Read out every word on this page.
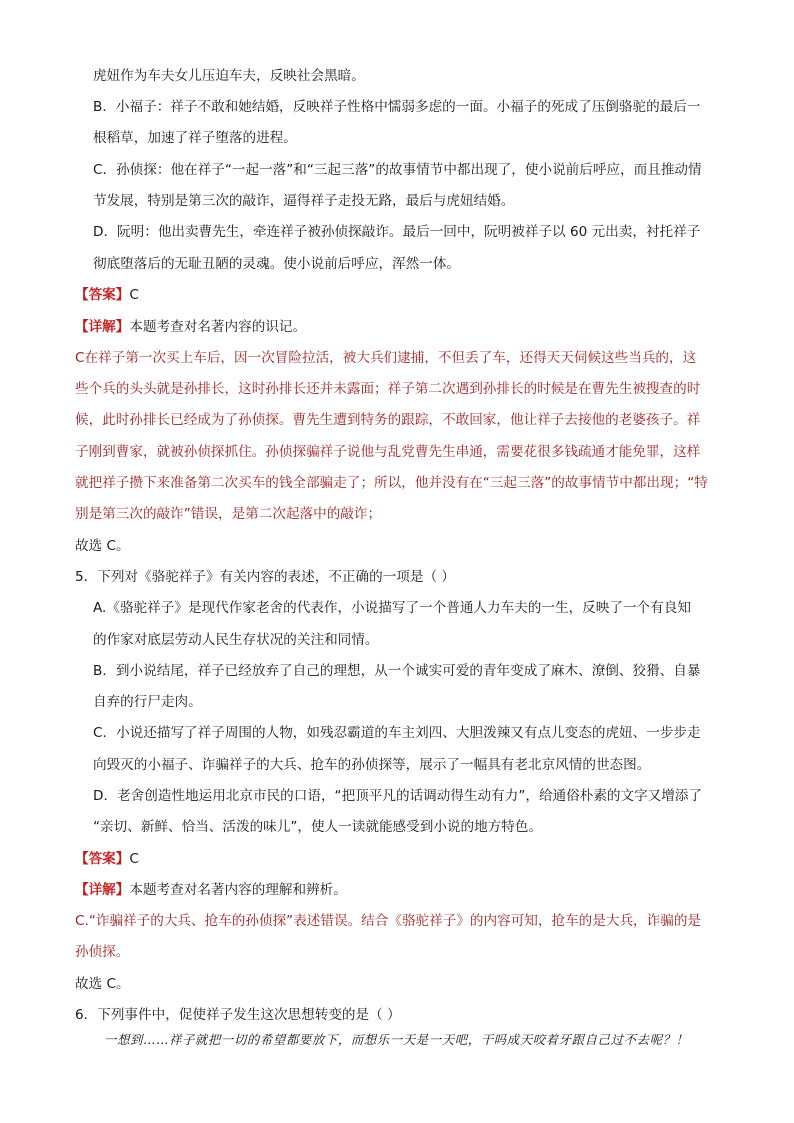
虎妞作为车夫女儿压迫车夫，反映社会黑暗。
B．小福子：祥子不敢和她结婚，反映祥子性格中懦弱多虑的一面。小福子的死成了压倒骆驼的最后一
根稻草，加速了祥子堕落的进程。
C．孙侦探：他在祥子“一起一落”和“三起三落”的故事情节中都出现了，使小说前后呼应，而且推动情
节发展，特别是第三次的敲诈，逼得祥子走投无路，最后与虎妞结婚。
D．阮明：他出卖曹先生，牵连祥子被孙侦探敲诈。最后一回中，阮明被祥子以 60 元出卖，衬托祥子
彻底堕落后的无耻丑陋的灵魂。使小说前后呼应，浑然一体。
【答案】C
【详解】本题考查对名著内容的识记。
C在祥子第一次买上车后，因一次冒险拉活，被大兵们逮捕，不但丢了车，还得天天伺候这些当兵的，这
些个兵的头头就是孙排长，这时孙排长还并未露面；祥子第二次遇到孙排长的时候是在曹先生被搜查的时
候，此时孙排长已经成为了孙侦探。曹先生遭到特务的跟踪，不敢回家，他让祥子去接他的老婆孩子。祥
子刚到曹家，就被孙侦探抓住。孙侦探骗祥子说他与乱党曹先生串通，需要花很多钱疏通才能免罪，这样
就把祥子攒下来准备第二次买车的钱全部骗走了；所以，他并没有在“三起三落”的故事情节中都出现；“特
别是第三次的敲诈”错误，是第二次起落中的敲诈；
故选 C。
5．下列对《骆驼祥子》有关内容的表述，不正确的一项是（ ）
A.《骆驼祥子》是现代作家老舍的代表作，小说描写了一个普通人力车夫的一生，反映了一个有良知
的作家对底层劳动人民生存状况的关注和同情。
B．到小说结尾，祥子已经放弃了自己的理想，从一个诚实可爱的青年变成了麻木、潦倒、狡猾、自暴
自弃的行尸走肉。
C．小说还描写了祥子周围的人物，如残忍霸道的车主刘四、大胆泼辣又有点儿变态的虎妞、一步步走
向毁灭的小福子、诈骗祥子的大兵、抢车的孙侦探等，展示了一幅具有老北京风情的世态图。
D．老舍创造性地运用北京市民的口语，“把顶平凡的话调动得生动有力”，给通俗朴素的文字又增添了
“亲切、新鲜、恰当、活泼的味儿”，使人一读就能感受到小说的地方特色。
【答案】C
【详解】本题考查对名著内容的理解和辨析。
C.“诈骗祥子的大兵、抢车的孙侦探”表述错误。结合《骆驼祥子》的内容可知，抢车的是大兵，诈骗的是
孙侦探。
故选 C。
6．下列事件中，促使祥子发生这次思想转变的是（ ）
一想到……祥子就把一切的希望都要放下，而想乐一天是一天吧，干吗成天咬着牙跟自己过不去呢？！
